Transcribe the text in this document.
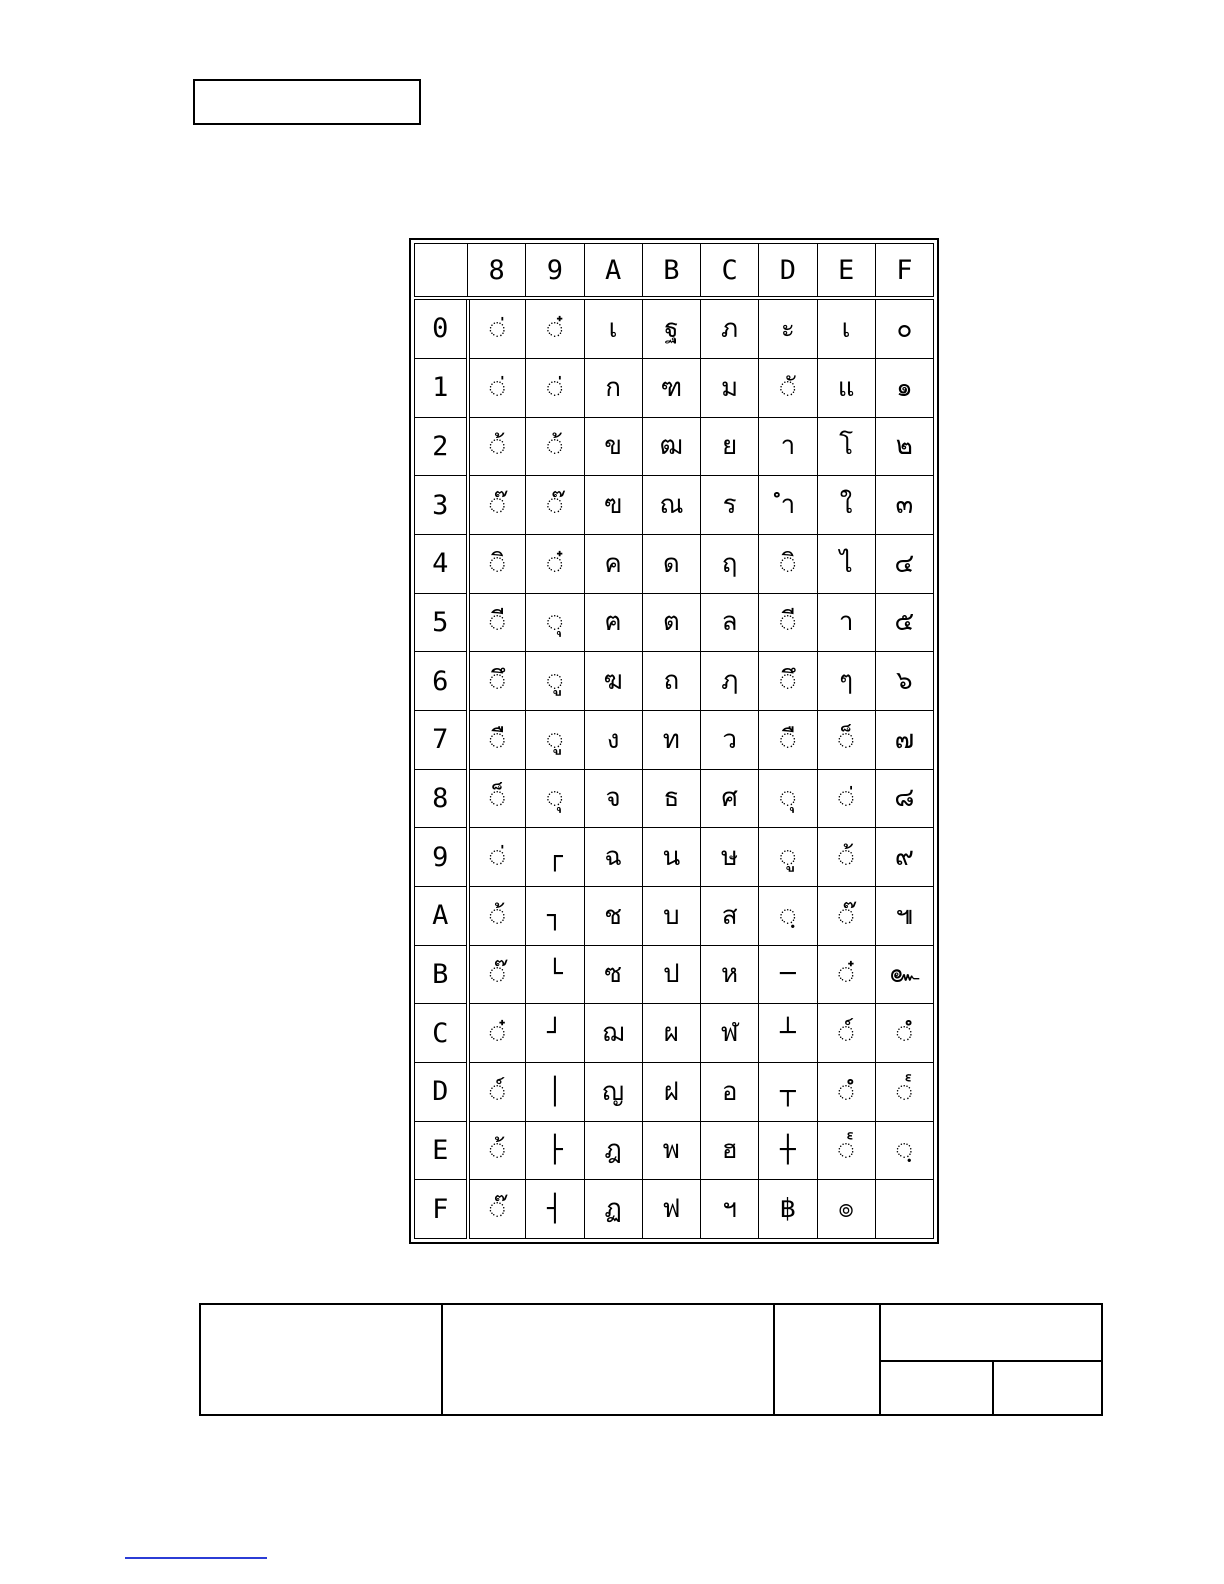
	8	9	A	B	C	D	E	F
0	◌่	◌๋	เ	ฐ	ภ	ะ	เ	๐
1	◌่	◌่	ก	ฑ	ม	◌ั	แ	๑
2	◌้	◌้	ข	ฒ	ย	า	โ	๒
3	◌๊	◌๊	ฃ	ณ	ร	ำ	ใ	๓
4	◌ิ	◌๋	ค	ด	ฤ	◌ิ	ไ	๔
5	◌ี	◌ุ	ฅ	ต	ล	◌ี	า	๕
6	◌ึ	◌ู	ฆ	ถ	ฦ	◌ึ	ๆ	๖
7	◌ื	◌ู	ง	ท	ว	◌ื	◌็	๗
8	◌็	◌ุ	จ	ธ	ศ	◌ุ	◌่	๘
9	◌่	┌	ฉ	น	ษ	◌ู	◌้	๙
A	◌้	┐	ช	บ	ส	◌ฺ	◌๊	๚
B	◌๊	└	ซ	ป	ห	─	◌๋	๛
C	◌๋	┘	ฌ	ผ	ฬ	┴	◌์	◌ํ
D	◌์	│	ญ	ฝ	อ	┬	◌ํ	◌๎
E	◌้	├	ฎ	พ	ฮ	┼	◌๎	◌ฺ
F	◌๊	┤	ฏ	ฟ	ฯ	฿	๏	
